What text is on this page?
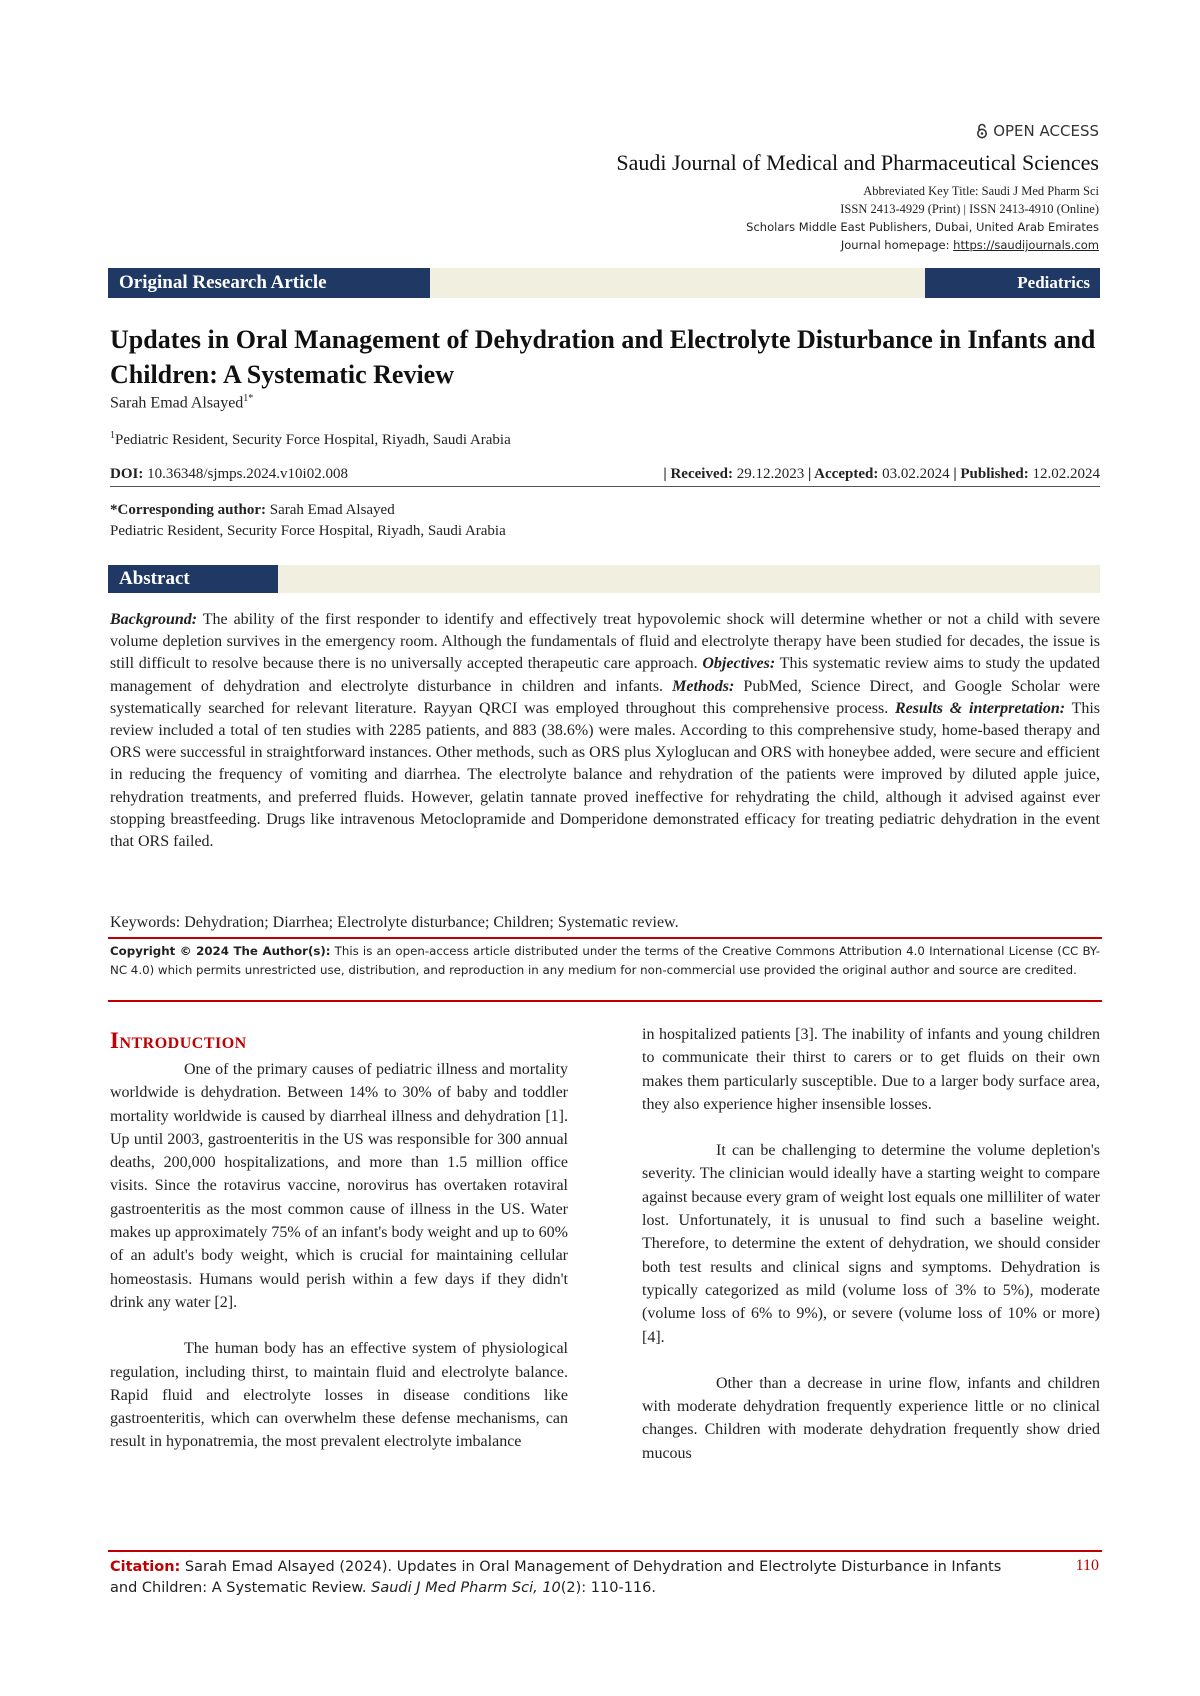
OPEN ACCESS
Saudi Journal of Medical and Pharmaceutical Sciences
Abbreviated Key Title: Saudi J Med Pharm Sci
ISSN 2413-4929 (Print) | ISSN 2413-4910 (Online)
Scholars Middle East Publishers, Dubai, United Arab Emirates
Journal homepage: https://saudijournals.com
Original Research Article	Pediatrics
Updates in Oral Management of Dehydration and Electrolyte Disturbance in Infants and Children: A Systematic Review
Sarah Emad Alsayed$^{1*}$
$^1$Pediatric Resident, Security Force Hospital, Riyadh, Saudi Arabia
DOI: 10.36348/sjmps.2024.v10i02.008	| Received: 29.12.2023 | Accepted: 03.02.2024 | Published: 12.02.2024
*Corresponding author: Sarah Emad Alsayed
Pediatric Resident, Security Force Hospital, Riyadh, Saudi Arabia
Abstract
Background: The ability of the first responder to identify and effectively treat hypovolemic shock will determine whether or not a child with severe volume depletion survives in the emergency room. Although the fundamentals of fluid and electrolyte therapy have been studied for decades, the issue is still difficult to resolve because there is no universally accepted therapeutic care approach. Objectives: This systematic review aims to study the updated management of dehydration and electrolyte disturbance in children and infants. Methods: PubMed, Science Direct, and Google Scholar were systematically searched for relevant literature. Rayyan QRCI was employed throughout this comprehensive process. Results & interpretation: This review included a total of ten studies with 2285 patients, and 883 (38.6%) were males. According to this comprehensive study, home-based therapy and ORS were successful in straightforward instances. Other methods, such as ORS plus Xyloglucan and ORS with honeybee added, were secure and efficient in reducing the frequency of vomiting and diarrhea. The electrolyte balance and rehydration of the patients were improved by diluted apple juice, rehydration treatments, and preferred fluids. However, gelatin tannate proved ineffective for rehydrating the child, although it advised against ever stopping breastfeeding. Drugs like intravenous Metoclopramide and Domperidone demonstrated efficacy for treating pediatric dehydration in the event that ORS failed.
Keywords: Dehydration; Diarrhea; Electrolyte disturbance; Children; Systematic review.
Copyright © 2024 The Author(s): This is an open-access article distributed under the terms of the Creative Commons Attribution 4.0 International License (CC BY-NC 4.0) which permits unrestricted use, distribution, and reproduction in any medium for non-commercial use provided the original author and source are credited.
Introduction

One of the primary causes of pediatric illness and mortality worldwide is dehydration. Between 14% to 30% of baby and toddler mortality worldwide is caused by diarrheal illness and dehydration [1]. Up until 2003, gastroenteritis in the US was responsible for 300 annual deaths, 200,000 hospitalizations, and more than 1.5 million office visits. Since the rotavirus vaccine, norovirus has overtaken rotaviral gastroenteritis as the most common cause of illness in the US. Water makes up approximately 75% of an infant's body weight and up to 60% of an adult's body weight, which is crucial for maintaining cellular homeostasis. Humans would perish within a few days if they didn't drink any water [2].

The human body has an effective system of physiological regulation, including thirst, to maintain fluid and electrolyte balance. Rapid fluid and electrolyte losses in disease conditions like gastroenteritis, which can overwhelm these defense mechanisms, can result in hyponatremia, the most prevalent electrolyte imbalance

in hospitalized patients [3]. The inability of infants and young children to communicate their thirst to carers or to get fluids on their own makes them particularly susceptible. Due to a larger body surface area, they also experience higher insensible losses.

It can be challenging to determine the volume depletion's severity. The clinician would ideally have a starting weight to compare against because every gram of weight lost equals one milliliter of water lost. Unfortunately, it is unusual to find such a baseline weight. Therefore, to determine the extent of dehydration, we should consider both test results and clinical signs and symptoms. Dehydration is typically categorized as mild (volume loss of 3% to 5%), moderate (volume loss of 6% to 9%), or severe (volume loss of 10% or more) [4].

Other than a decrease in urine flow, infants and children with moderate dehydration frequently experience little or no clinical changes. Children with moderate dehydration frequently show dried mucous

Citation: Sarah Emad Alsayed (2024). Updates in Oral Management of Dehydration and Electrolyte Disturbance in Infants and Children: A Systematic Review. Saudi J Med Pharm Sci, 10(2): 110-116.
110
